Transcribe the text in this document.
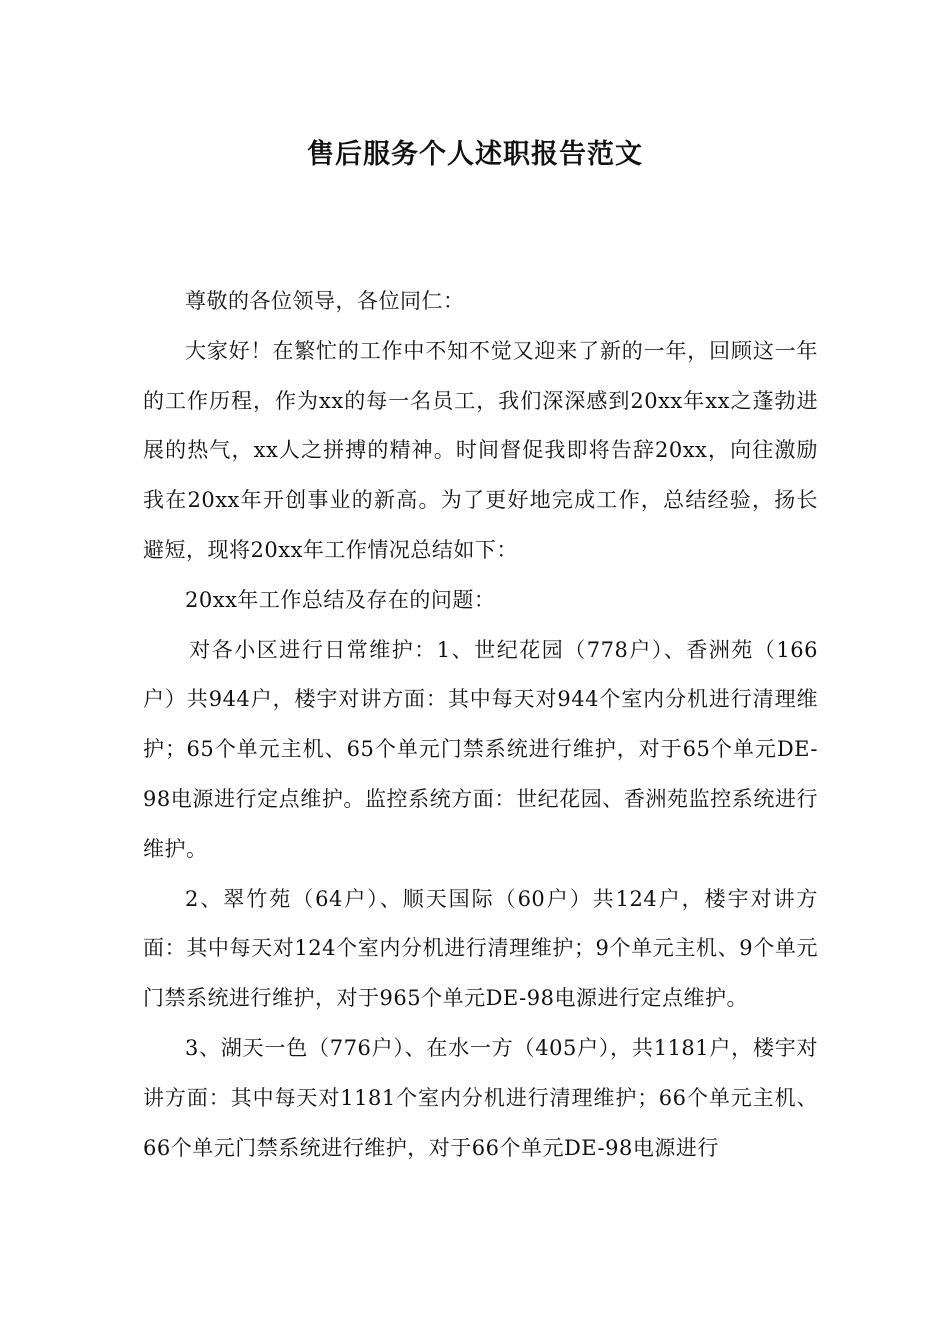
售后服务个人述职报告范文

尊敬的各位领导，各位同仁：

大家好！在繁忙的工作中不知不觉又迎来了新的一年，回顾这一年的工作历程，作为xx的每一名员工，我们深深感到20xx年xx之蓬勃进展的热气，xx人之拼搏的精神。时间督促我即将告辞20xx，向往激励我在20xx年开创事业的新高。为了更好地完成工作，总结经验，扬长避短，现将20xx年工作情况总结如下：

20xx年工作总结及存在的问题：

对各小区进行日常维护：1、世纪花园（778户）、香洲苑（166户）共944户，楼宇对讲方面：其中每天对944个室内分机进行清理维护；65个单元主机、65个单元门禁系统进行维护，对于65个单元DE-98电源进行定点维护。监控系统方面：世纪花园、香洲苑监控系统进行维护。

2、翠竹苑（64户）、顺天国际（60户）共124户，楼宇对讲方面：其中每天对124个室内分机进行清理维护；9个单元主机、9个单元门禁系统进行维护，对于965个单元DE-98电源进行定点维护。

3、湖天一色（776户）、在水一方（405户），共1181户，楼宇对讲方面：其中每天对1181个室内分机进行清理维护；66个单元主机、66个单元门禁系统进行维护，对于66个单元DE-98电源进行
